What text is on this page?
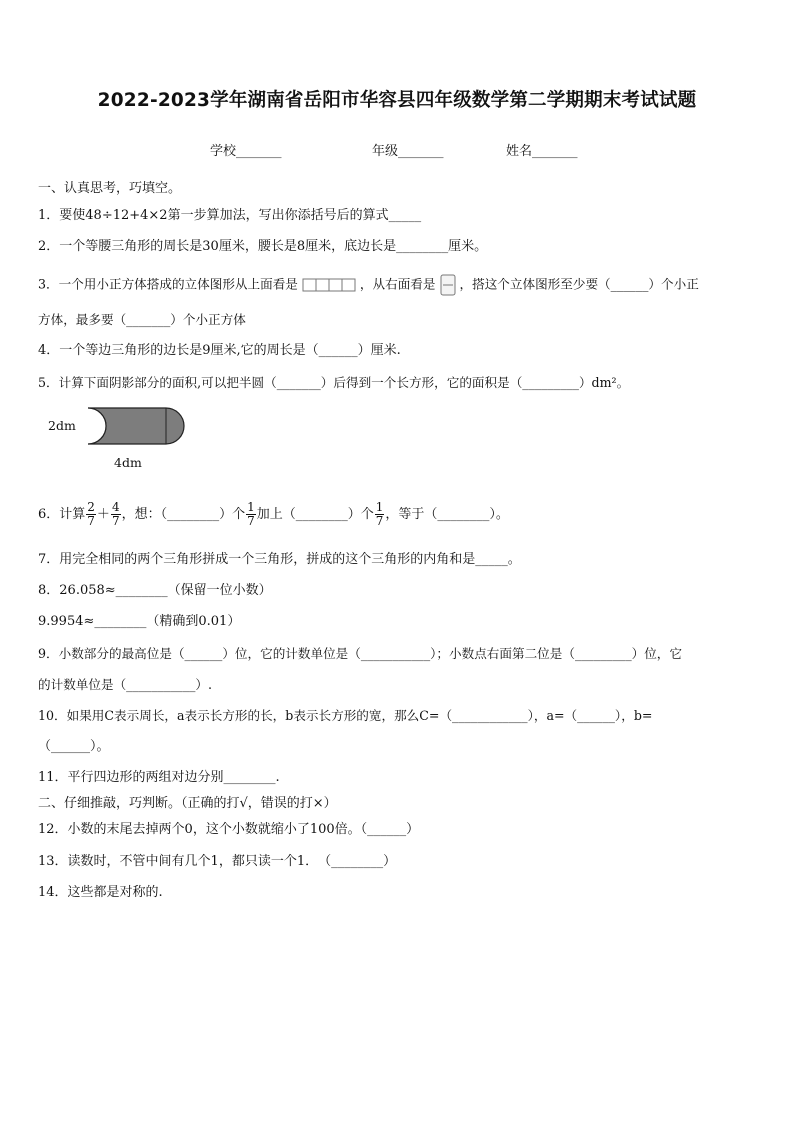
2022-2023学年湖南省岳阳市华容县四年级数学第二学期期末考试试题
学校_______	年级_______	姓名_______
一、认真思考，巧填空。
1．要使48÷12+4×2第一步算加法，写出你添括号后的算式_____
2．一个等腰三角形的周长是30厘米，腰长是8厘米，底边长是________厘米。
3．一个用小正方体搭成的立体图形从上面看是	，从右面看是 ，搭这个立体图形至少要（______）个小正
方体，最多要（_______）个小正方体
4．一个等边三角形的边长是9厘米,它的周长是（______）厘米.
5．计算下面阴影部分的面积,可以把半圆（_______）后得到一个长方形，它的面积是（_________）dm²。
2dm
4dm
6．计算 $\frac{2}{7} + \frac{4}{7}$ ，想：（________）个 $\frac{1}{7}$ 加上（________）个 $\frac{1}{7}$ ，等于（________）。
7．用完全相同的两个三角形拼成一个三角形，拼成的这个三角形的内角和是_____。
8．26.058≈________（保留一位小数）
9.9954≈________（精确到0.01）
9．小数部分的最高位是（______）位，它的计数单位是（___________）；小数点右面第二位是（_________）位，它
的计数单位是（___________）.
10．如果用C表示周长，a表示长方形的长，b表示长方形的宽，那么C=（____________），a=（______），b=
（______）。
11．平行四边形的两组对边分别________.
二、仔细推敲，巧判断。（正确的打√，错误的打×）
12．小数的末尾去掉两个0，这个小数就缩小了100倍。（______）
13．读数时，不管中间有几个1，都只读一个1．　（________）
14．这些都是对称的.
